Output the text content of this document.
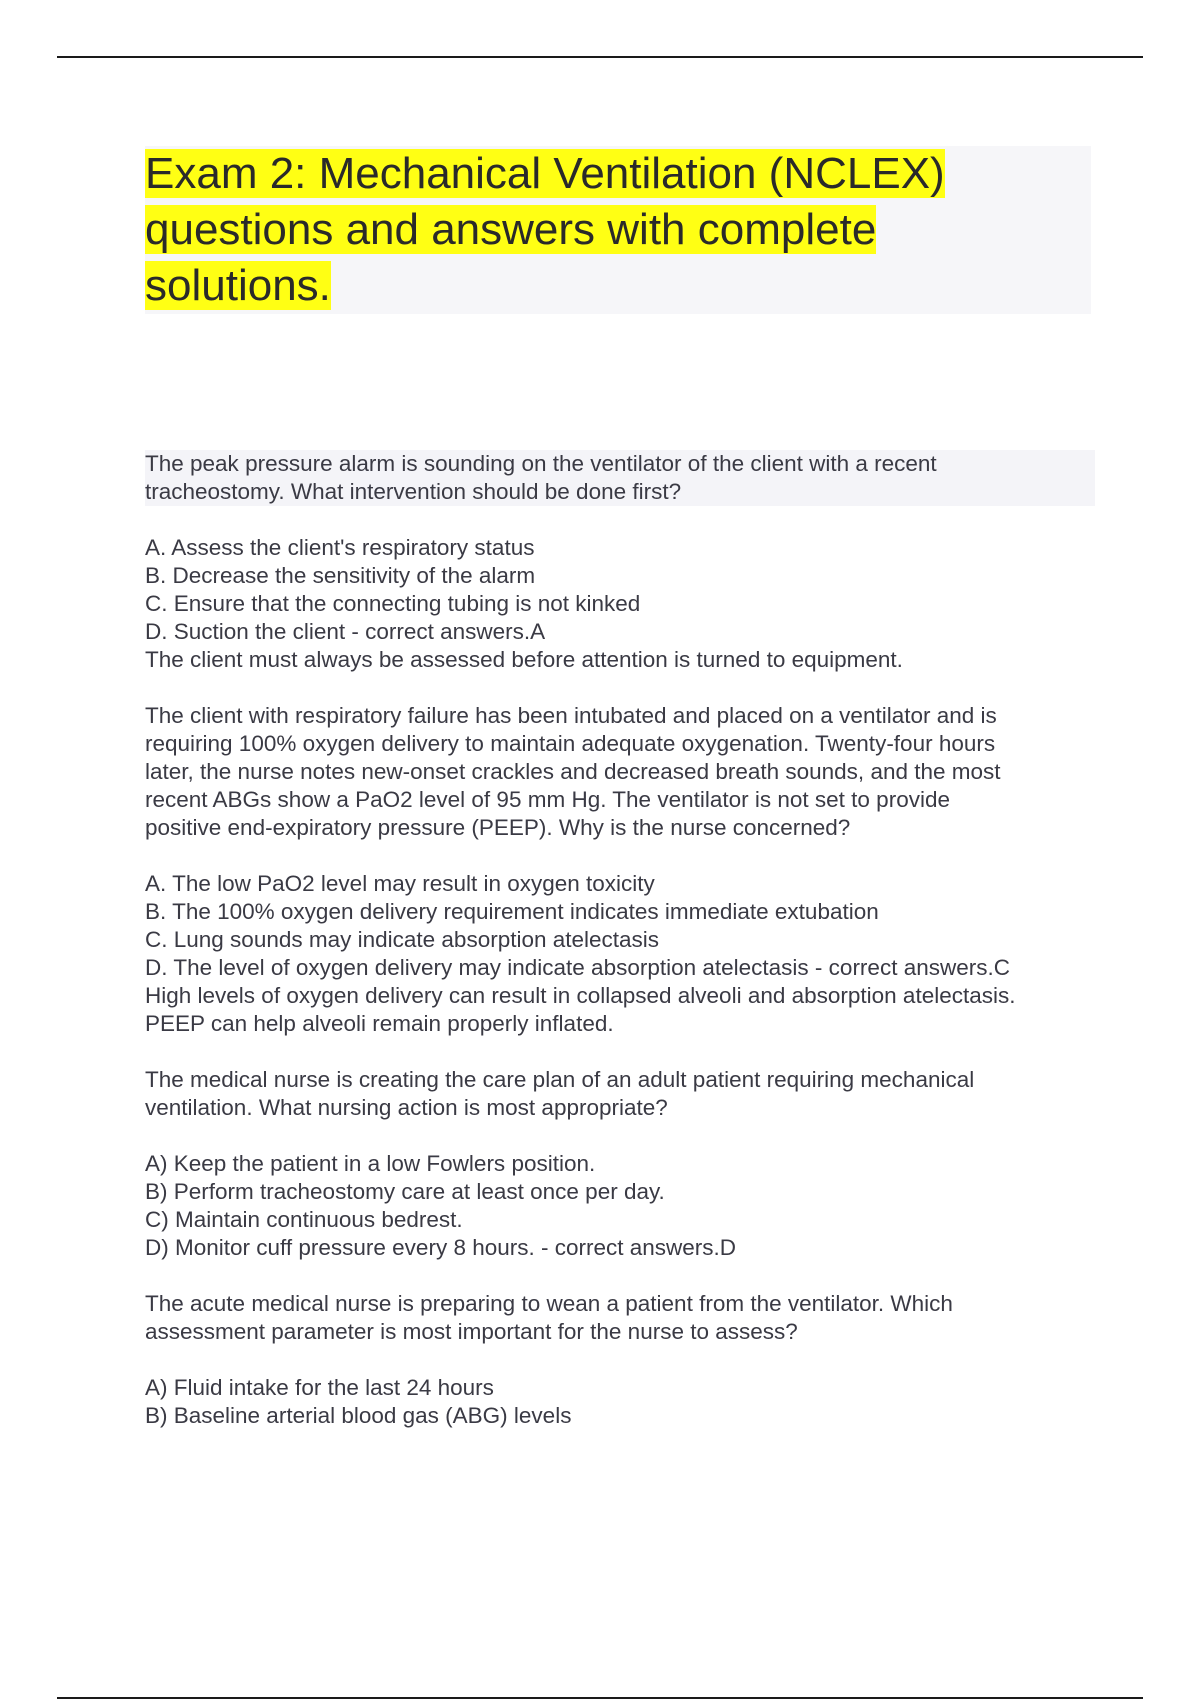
Exam 2: Mechanical Ventilation (NCLEX)
questions and answers with complete
solutions.
The peak pressure alarm is sounding on the ventilator of the client with a recent
tracheostomy. What intervention should be done first?
A. Assess the client's respiratory status
B. Decrease the sensitivity of the alarm
C. Ensure that the connecting tubing is not kinked
D. Suction the client - correct answers.A
The client must always be assessed before attention is turned to equipment.
The client with respiratory failure has been intubated and placed on a ventilator and is
requiring 100% oxygen delivery to maintain adequate oxygenation. Twenty-four hours
later, the nurse notes new-onset crackles and decreased breath sounds, and the most
recent ABGs show a PaO2 level of 95 mm Hg. The ventilator is not set to provide
positive end-expiratory pressure (PEEP). Why is the nurse concerned?
A. The low PaO2 level may result in oxygen toxicity
B. The 100% oxygen delivery requirement indicates immediate extubation
C. Lung sounds may indicate absorption atelectasis
D. The level of oxygen delivery may indicate absorption atelectasis - correct answers.C
High levels of oxygen delivery can result in collapsed alveoli and absorption atelectasis.
PEEP can help alveoli remain properly inflated.
The medical nurse is creating the care plan of an adult patient requiring mechanical
ventilation. What nursing action is most appropriate?
A) Keep the patient in a low Fowlers position.
B) Perform tracheostomy care at least once per day.
C) Maintain continuous bedrest.
D) Monitor cuff pressure every 8 hours. - correct answers.D
The acute medical nurse is preparing to wean a patient from the ventilator. Which
assessment parameter is most important for the nurse to assess?
A) Fluid intake for the last 24 hours
B) Baseline arterial blood gas (ABG) levels
